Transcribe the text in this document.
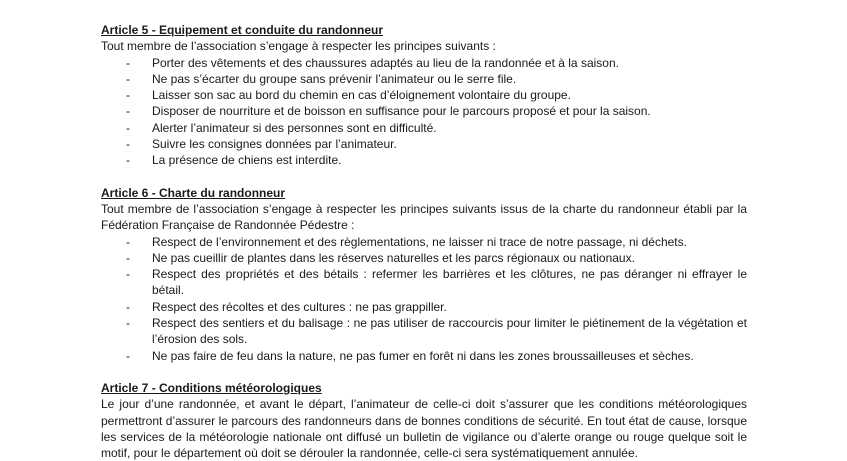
Article 5 - Equipement et conduite du randonneur

Tout membre de l’association s’engage à respecter les principes suivants :

- Porter des vêtements et des chaussures adaptés au lieu de la randonnée et à la saison.
- Ne pas s’écarter du groupe sans prévenir l’animateur ou le serre file.
- Laisser son sac au bord du chemin en cas d’éloignement volontaire du groupe.
- Disposer de nourriture et de boisson en suffisance pour le parcours proposé et pour la saison.
- Alerter l’animateur si des personnes sont en difficulté.
- Suivre les consignes données par l’animateur.
- La présence de chiens est interdite.

Article 6 - Charte du randonneur

Tout membre de l’association s’engage à respecter les principes suivants issus de la charte du randonneur établi par la Fédération Française de Randonnée Pédestre :

- Respect de l’environnement et des règlementations, ne laisser ni trace de notre passage, ni déchets.
- Ne pas cueillir de plantes dans les réserves naturelles et les parcs régionaux ou nationaux.
- Respect des propriétés et des bétails : refermer les barrières et les clôtures, ne pas déranger ni effrayer le bétail.
- Respect des récoltes et des cultures : ne pas grappiller.
- Respect des sentiers et du balisage : ne pas utiliser de raccourcis pour limiter le piétinement de la végétation et l’érosion des sols.
- Ne pas faire de feu dans la nature, ne pas fumer en forêt ni dans les zones broussailleuses et sèches.

Article 7 - Conditions météorologiques

Le jour d’une randonnée, et avant le départ, l’animateur de celle-ci doit s’assurer que les conditions météorologiques permettront d’assurer le parcours des randonneurs dans de bonnes conditions de sécurité. En tout état de cause, lorsque les services de la météorologie nationale ont diffusé un bulletin de vigilance ou d’alerte orange ou rouge quelque soit le motif, pour le département où doit se dérouler la randonnée, celle-ci sera systématiquement annulée.
